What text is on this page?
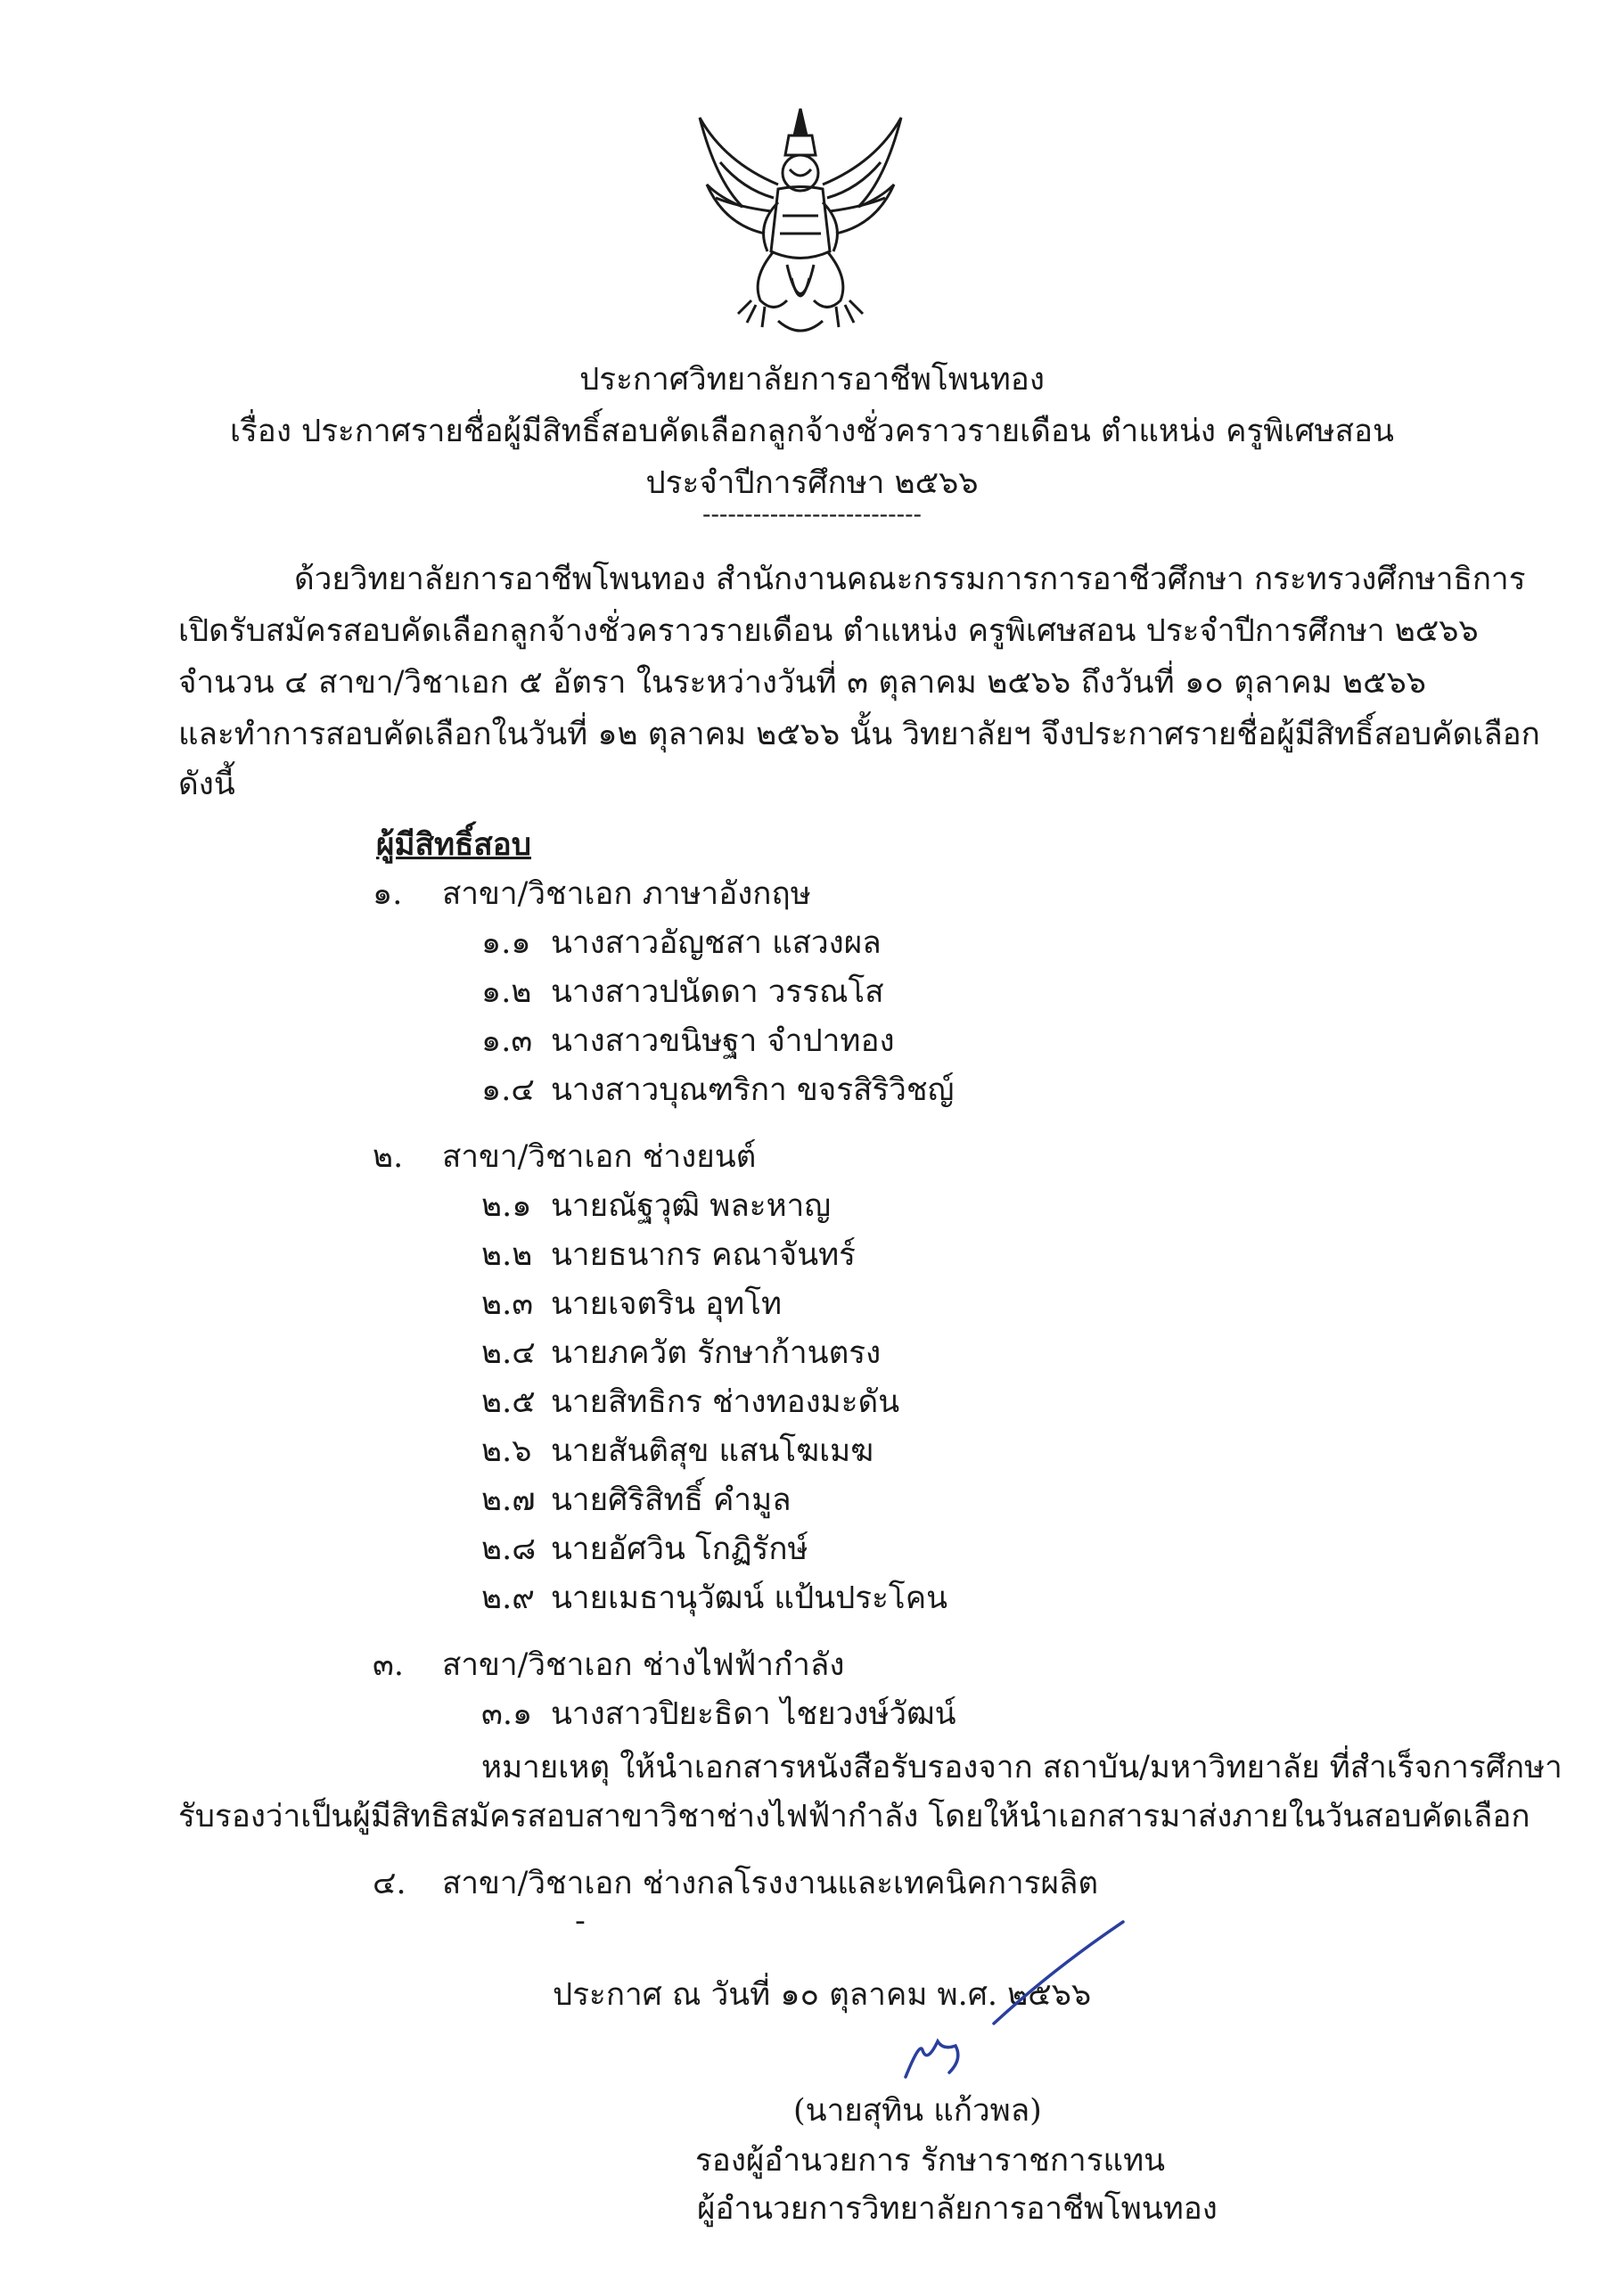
ประกาศวิทยาลัยการอาชีพโพนทอง
เรื่อง ประกาศรายชื่อผู้มีสิทธิ์สอบคัดเลือกลูกจ้างชั่วคราวรายเดือน ตำแหน่ง ครูพิเศษสอน
ประจำปีการศึกษา ๒๕๖๖
--------------------------
ด้วยวิทยาลัยการอาชีพโพนทอง สำนักงานคณะกรรมการการอาชีวศึกษา กระทรวงศึกษาธิการ
เปิดรับสมัครสอบคัดเลือกลูกจ้างชั่วคราวรายเดือน ตำแหน่ง ครูพิเศษสอน ประจำปีการศึกษา ๒๕๖๖
จำนวน ๔ สาขา/วิชาเอก ๕ อัตรา ในระหว่างวันที่ ๓ ตุลาคม ๒๕๖๖ ถึงวันที่ ๑๐ ตุลาคม ๒๕๖๖
และทำการสอบคัดเลือกในวันที่ ๑๒ ตุลาคม ๒๕๖๖ นั้น วิทยาลัยฯ จึงประกาศรายชื่อผู้มีสิทธิ์สอบคัดเลือก
ดังนี้
ผู้มีสิทธิ์สอบ
๑. สาขา/วิชาเอก ภาษาอังกฤษ
๑.๑ นางสาวอัญชสา แสวงผล
๑.๒ นางสาวปนัดดา วรรณโส
๑.๓ นางสาวขนิษฐา จำปาทอง
๑.๔ นางสาวบุณฑริกา ขจรสิริวิชญ์
๒. สาขา/วิชาเอก ช่างยนต์
๒.๑ นายณัฐวุฒิ พละหาญ
๒.๒ นายธนากร คณาจันทร์
๒.๓ นายเจตริน อุทโท
๒.๔ นายภควัต รักษาก้านตรง
๒.๕ นายสิทธิกร ช่างทองมะดัน
๒.๖ นายสันติสุข แสนโฆเมฆ
๒.๗ นายศิริสิทธิ์ คำมูล
๒.๘ นายอัศวิน โกฏิรักษ์
๒.๙ นายเมธานุวัฒน์ แป้นประโคน
๓. สาขา/วิชาเอก ช่างไฟฟ้ากำลัง
๓.๑ นางสาวปิยะธิดา ไชยวงษ์วัฒน์
หมายเหตุ ให้นำเอกสารหนังสือรับรองจาก สถาบัน/มหาวิทยาลัย ที่สำเร็จการศึกษา
รับรองว่าเป็นผู้มีสิทธิสมัครสอบสาขาวิชาช่างไฟฟ้ากำลัง โดยให้นำเอกสารมาส่งภายในวันสอบคัดเลือก
๔. สาขา/วิชาเอก ช่างกลโรงงานและเทคนิคการผลิต
-
ประกาศ ณ วันที่ ๑๐ ตุลาคม พ.ศ. ๒๕๖๖
(นายสุทิน แก้วพล)
รองผู้อำนวยการ รักษาราชการแทน
ผู้อำนวยการวิทยาลัยการอาชีพโพนทอง
